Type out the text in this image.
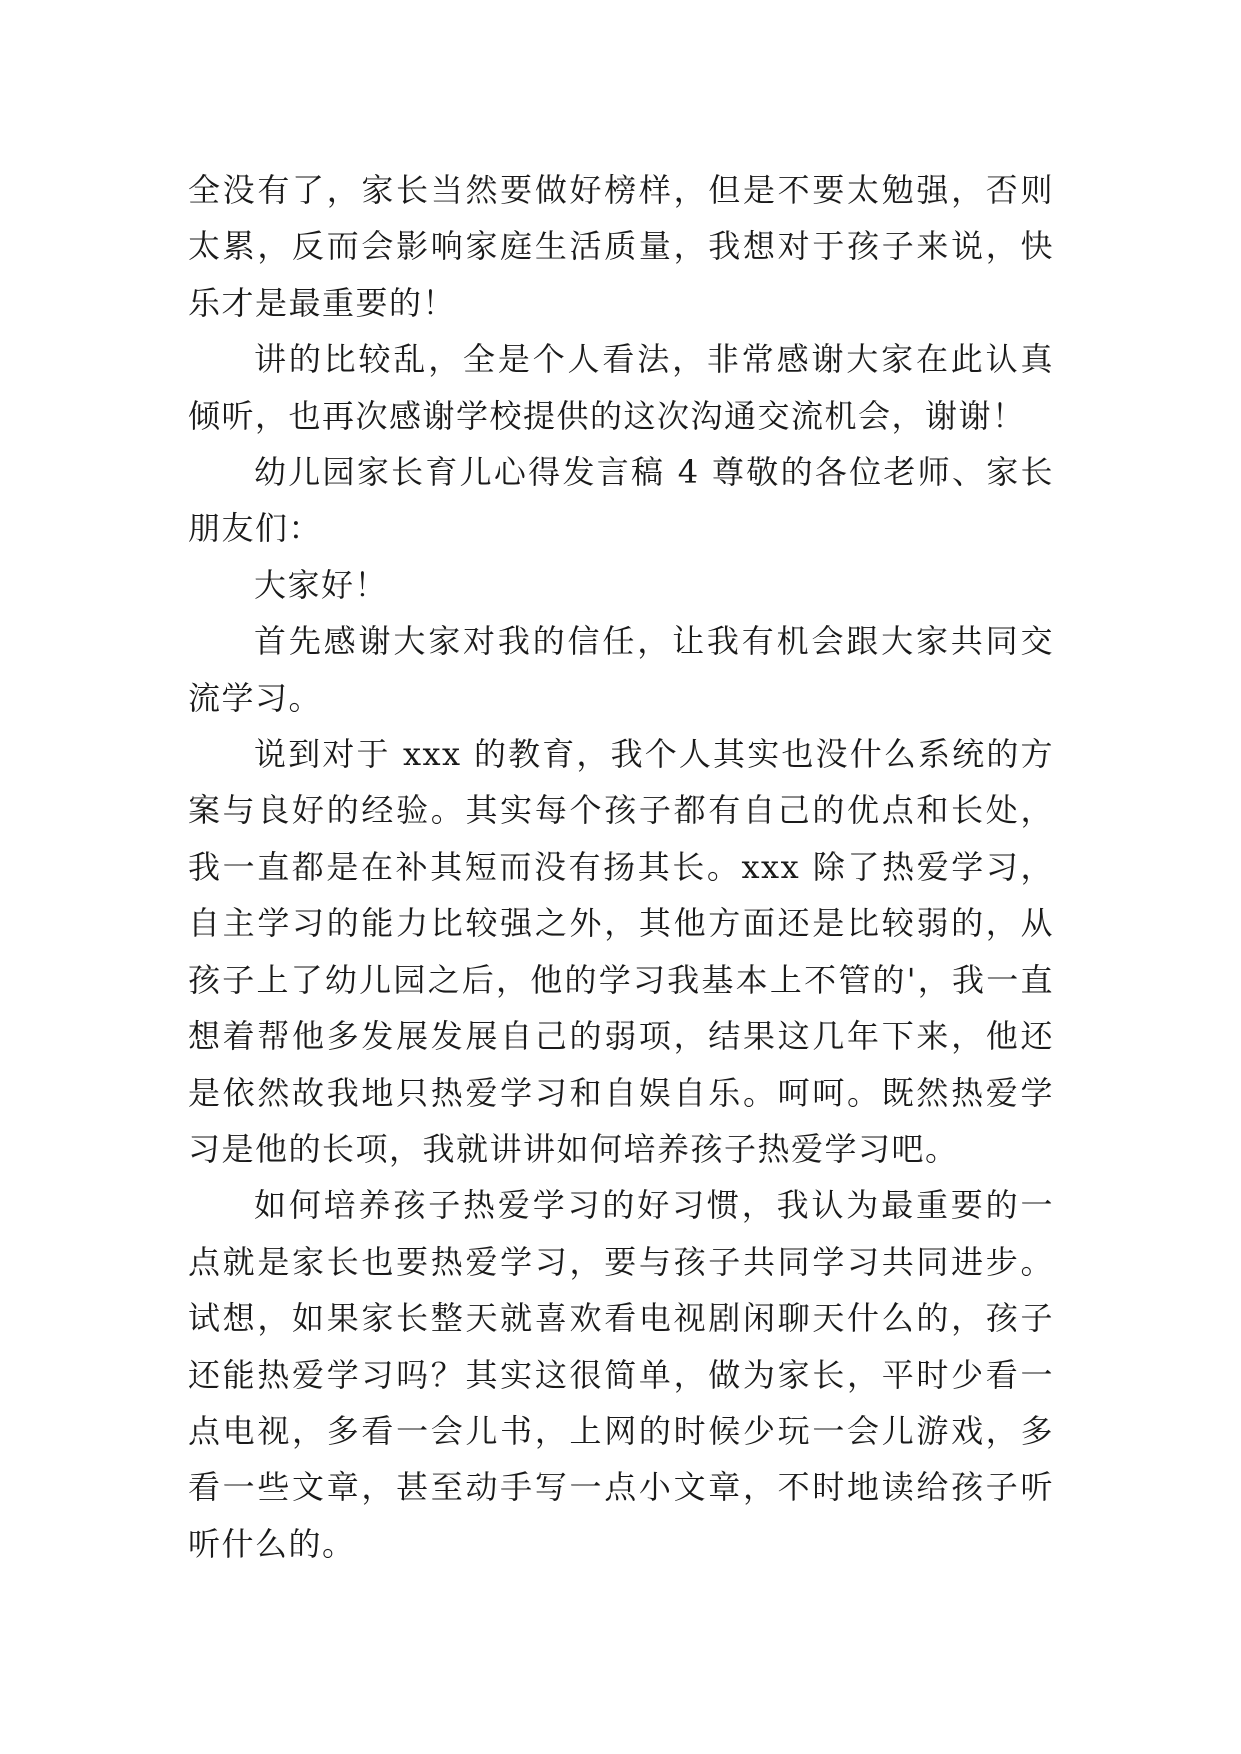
全没有了，家长当然要做好榜样，但是不要太勉强，否则太累，反而会影响家庭生活质量，我想对于孩子来说，快乐才是最重要的！

讲的比较乱，全是个人看法，非常感谢大家在此认真倾听，也再次感谢学校提供的这次沟通交流机会，谢谢！

幼儿园家长育儿心得发言稿 4 尊敬的各位老师、家长朋友们：

大家好！

首先感谢大家对我的信任，让我有机会跟大家共同交流学习。

说到对于 xxx 的教育，我个人其实也没什么系统的方案与良好的经验。其实每个孩子都有自己的优点和长处，我一直都是在补其短而没有扬其长。xxx 除了热爱学习，自主学习的能力比较强之外，其他方面还是比较弱的，从孩子上了幼儿园之后，他的学习我基本上不管的'，我一直想着帮他多发展发展自己的弱项，结果这几年下来，他还是依然故我地只热爱学习和自娱自乐。呵呵。既然热爱学习是他的长项，我就讲讲如何培养孩子热爱学习吧。

如何培养孩子热爱学习的好习惯，我认为最重要的一点就是家长也要热爱学习，要与孩子共同学习共同进步。试想，如果家长整天就喜欢看电视剧闲聊天什么的，孩子还能热爱学习吗？其实这很简单，做为家长，平时少看一点电视，多看一会儿书，上网的时候少玩一会儿游戏，多看一些文章，甚至动手写一点小文章，不时地读给孩子听听什么的。
